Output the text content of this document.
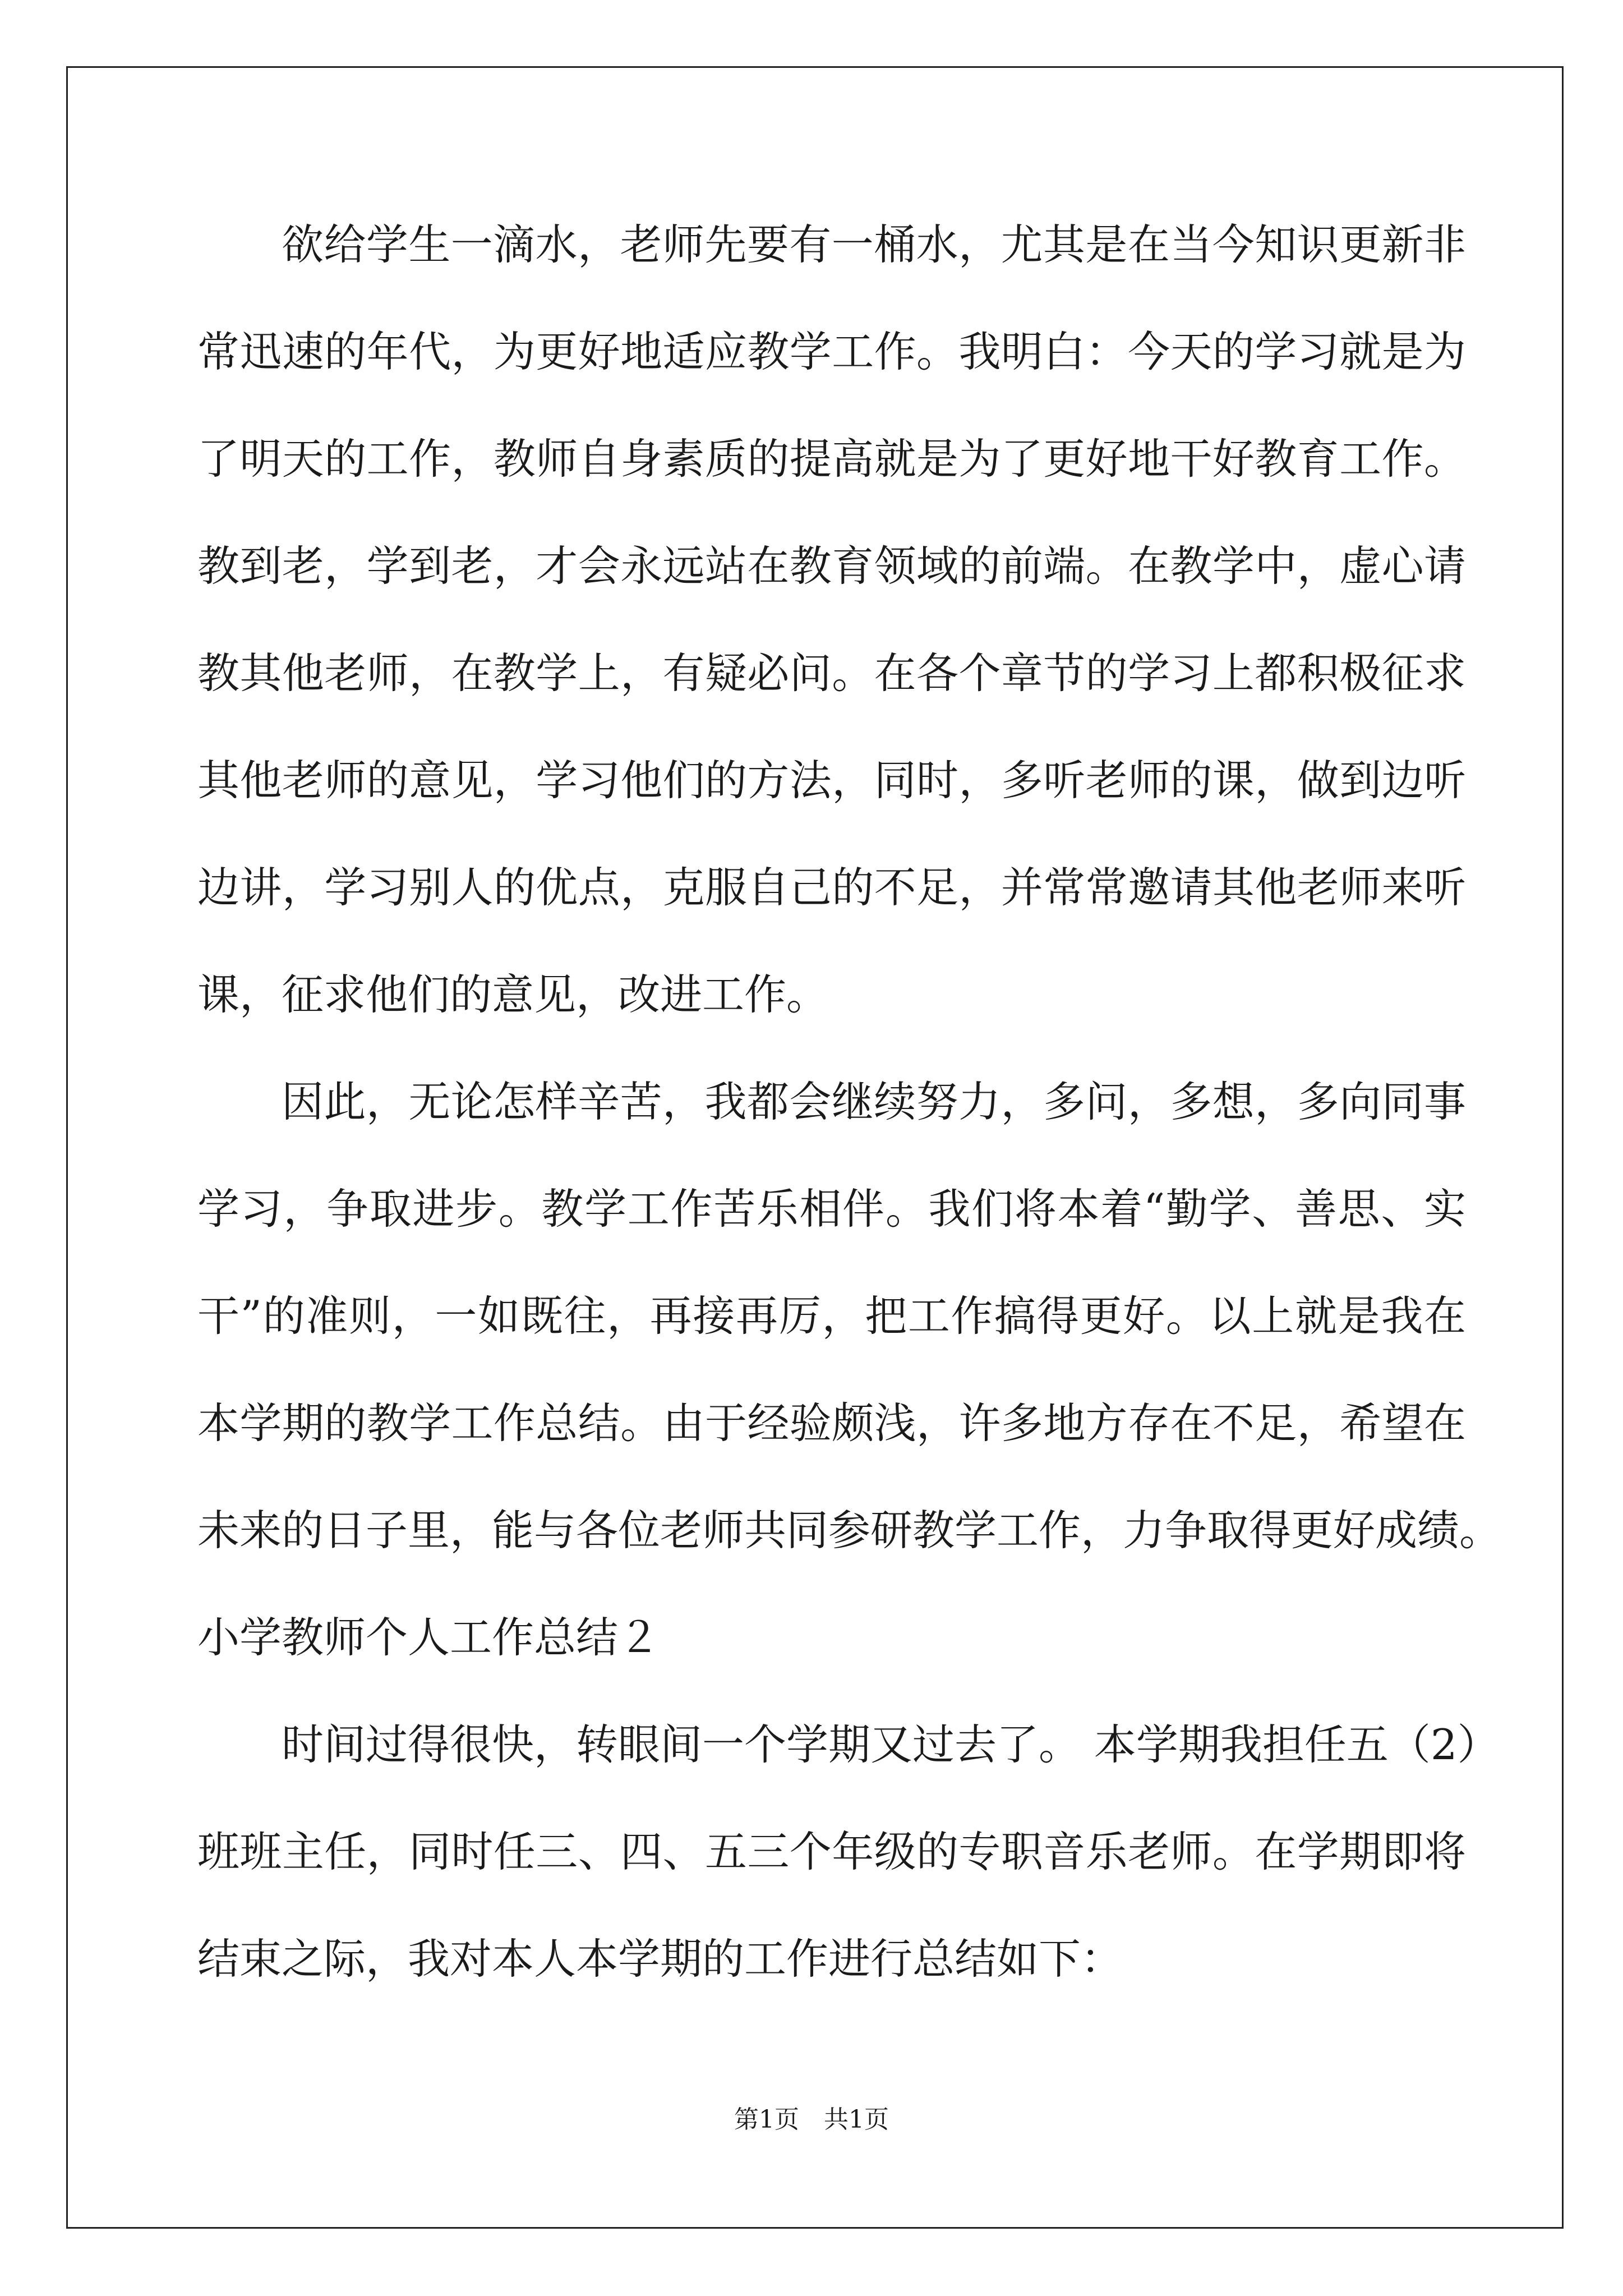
欲给学生一滴水，老师先要有一桶水，尤其是在当今知识更新非
常迅速的年代，为更好地适应教学工作。我明白：今天的学习就是为
了明天的工作，教师自身素质的提高就是为了更好地干好教育工作。
教到老，学到老，才会永远站在教育领域的前端。在教学中，虚心请
教其他老师，在教学上，有疑必问。在各个章节的学习上都积极征求
其他老师的意见，学习他们的方法，同时，多听老师的课，做到边听
边讲，学习别人的优点，克服自己的不足，并常常邀请其他老师来听
课，征求他们的意见，改进工作。
因此，无论怎样辛苦，我都会继续努力，多问，多想，多向同事
学习，争取进步。教学工作苦乐相伴。我们将本着“勤学、善思、实
干”的准则，一如既往，再接再厉，把工作搞得更好。以上就是我在
本学期的教学工作总结。由于经验颇浅，许多地方存在不足，希望在
未来的日子里，能与各位老师共同参研教学工作，力争取得更好成绩。
小学教师个人工作总结２
时间过得很快，转眼间一个学期又过去了。 本学期我担任五（2）
班班主任，同时任三、四、五三个年级的专职音乐老师。在学期即将
结束之际，我对本人本学期的工作进行总结如下：
第1页　共1页
